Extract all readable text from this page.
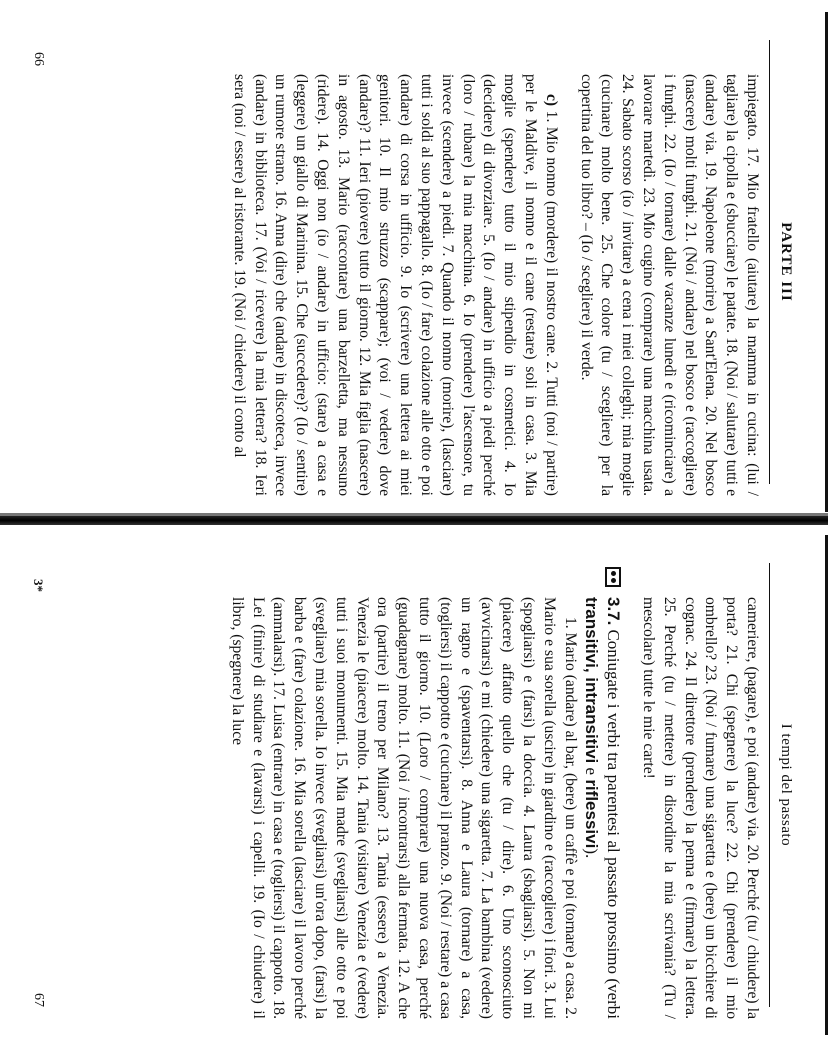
PARTE III

impiegato. 17. Mio fratello (aiutare) la mamma in cucina: (lui / tagliare) la cipolla e (sbucciare) le patate. 18. (Noi / salutare) tutti e (andare) via. 19. Napoleone (morire) a Sant'Elena. 20. Nel bosco (nascere) molti funghi. 21. (Noi / andare) nel bosco e (raccogliere) i funghi. 22. (Io / tornare) dalle vacanze lunedì e (ricominciare) a lavorare martedì. 23. Mio cugino (comprare) una macchina usata. 24. Sabato scorso (io / invitare) a cena i miei colleghi; mia moglie (cucinare) molto bene. 25. Che colore (tu / scegliere) per la copertina del tuo libro? – (Io / scegliere) il verde.

c) 1. Mio nonno (mordere) il nostro cane. 2. Tutti (noi / partire) per le Maldive, il nonno e il cane (restare) soli in casa. 3. Mia moglie (spendere) tutto il mio stipendio in cosmetici. 4. Io (decidere) di divorziare. 5. (Io / andare) in ufficio a piedi perché (loro / rubare) la mia macchina. 6. Io (prendere) l'ascensore, tu invece (scendere) a piedi. 7. Quando il nonno (morire), (lasciare) tutti i soldi al suo pappagallo. 8. (Io / fare) colazione alle otto e poi (andare) di corsa in ufficio. 9. Io (scrivere) una lettera ai miei genitori. 10. Il mio struzzo (scappare); (voi / vedere) dove (andare)? 11. Ieri (piovere) tutto il giorno. 12. Mia figlia (nascere) in agosto. 13. Mario (raccontare) una barzelletta, ma nessuno (ridere). 14. Oggi non (io / andare) in ufficio: (stare) a casa e (leggere) un giallo di Marinina. 15. Che (succedere)? (Io / sentire) un rumore strano. 16. Anna (dire) che (andare) in discoteca, invece (andare) in biblioteca. 17. (Voi / ricevere) la mia lettera? 18. Ieri sera (noi / essere) al ristorante. 19. (Noi / chiedere) il conto al

66
I tempi del passato

cameriere, (pagare), e poi (andare) via. 20. Perché (tu / chiudere) la porta? 21. Chi (spegnere) la luce? 22. Chi (prendere) il mio ombrello? 23. (Noi / fumare) una sigaretta e (bere) un bicchiere di cognac. 24. Il direttore (prendere) la penna e (firmare) la lettera. 25. Perché (tu / mettere) in disordine la mia scrivania? (Tu / mescolare) tutte le mie carte!

3.7. Coniugate i verbi tra parentesi al passato prossimo (verbi transitivi, intransitivi e riflessivi).

1. Mario (andare) al bar, (bere) un caffè e poi (tornare) a casa. 2. Mario e sua sorella (uscire) in giardino e (raccogliere) i fiori. 3. Lui (spogliarsi) e (farsi) la doccia. 4. Laura (sbagliarsi). 5. Non mi (piacere) affatto quello che (tu / dire). 6. Uno sconosciuto (avvicinarsi) e mi (chiedere) una sigaretta. 7. La bambina (vedere) un ragno e (spaventarsi). 8. Anna e Laura (tornare) a casa, (togliersi) il cappotto e (cucinare) il pranzo. 9. (Noi / restare) a casa tutto il giorno. 10. (Loro / comprare) una nuova casa, perché (guadagnare) molto. 11. (Noi / incontrarsi) alla fermata. 12. A che ora (partire) il treno per Milano? 13. Tania (essere) a Venezia. Venezia le (piacere) molto. 14. Tania (visitare) Venezia e (vedere) tutti i suoi monumenti. 15. Mia madre (svegliarsi) alle otto e poi (svegliare) mia sorella. Io invece (svegliarsi) un'ora dopo, (farsi) la barba e (fare) colazione. 16. Mia sorella (lasciare) il lavoro perché (ammalarsi). 17. Luisa (entrare) in casa e (togliersi) il cappotto. 18. Lei (finire) di studiare e (lavarsi) i capelli. 19. (Io / chiudere) il libro, (spegnere) la luce

3*
67
